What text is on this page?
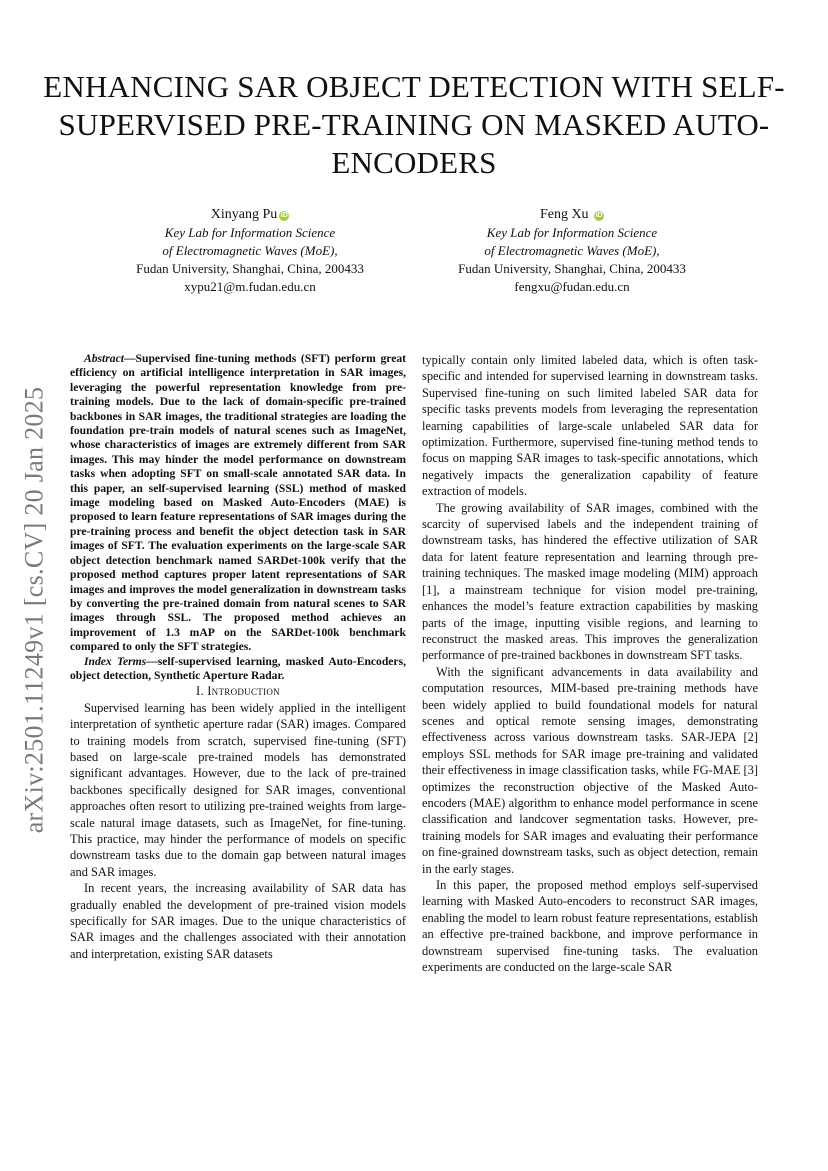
arXiv:2501.11249v1 [cs.CV] 20 Jan 2025
ENHANCING SAR OBJECT DETECTION WITH SELF-SUPERVISED PRE-TRAINING ON MASKED AUTO-ENCODERS
Xinyang Pu iD
Key Lab for Information Science
of Electromagnetic Waves (MoE),
Fudan University, Shanghai, China, 200433
xypu21@m.fudan.edu.cn
Feng Xu iD
Key Lab for Information Science
of Electromagnetic Waves (MoE),
Fudan University, Shanghai, China, 200433
fengxu@fudan.edu.cn

Abstract—Supervised fine-tuning methods (SFT) perform great efficiency on artificial intelligence interpretation in SAR images, leveraging the powerful representation knowledge from pre-training models. Due to the lack of domain-specific pre-trained backbones in SAR images, the traditional strategies are loading the foundation pre-train models of natural scenes such as ImageNet, whose characteristics of images are extremely different from SAR images. This may hinder the model performance on downstream tasks when adopting SFT on small-scale annotated SAR data. In this paper, an self-supervised learning (SSL) method of masked image modeling based on Masked Auto-Encoders (MAE) is proposed to learn feature representations of SAR images during the pre-training process and benefit the object detection task in SAR images of SFT. The evaluation experiments on the large-scale SAR object detection benchmark named SARDet-100k verify that the proposed method captures proper latent representations of SAR images and improves the model generalization in downstream tasks by converting the pre-trained domain from natural scenes to SAR images through SSL. The proposed method achieves an improvement of 1.3 mAP on the SARDet-100k benchmark compared to only the SFT strategies.

Index Terms—self-supervised learning, masked Auto-Encoders, object detection, Synthetic Aperture Radar.

I. Introduction

Supervised learning has been widely applied in the intelligent interpretation of synthetic aperture radar (SAR) images. Compared to training models from scratch, supervised fine-tuning (SFT) based on large-scale pre-trained models has demonstrated significant advantages. However, due to the lack of pre-trained backbones specifically designed for SAR images, conventional approaches often resort to utilizing pre-trained weights from large-scale natural image datasets, such as ImageNet, for fine-tuning. This practice, may hinder the performance of models on specific downstream tasks due to the domain gap between natural images and SAR images.

In recent years, the increasing availability of SAR data has gradually enabled the development of pre-trained vision models specifically for SAR images. Due to the unique characteristics of SAR images and the challenges associated with their annotation and interpretation, existing SAR datasets

typically contain only limited labeled data, which is often task-specific and intended for supervised learning in downstream tasks. Supervised fine-tuning on such limited labeled SAR data for specific tasks prevents models from leveraging the representation learning capabilities of large-scale unlabeled SAR data for optimization. Furthermore, supervised fine-tuning method tends to focus on mapping SAR images to task-specific annotations, which negatively impacts the generalization capability of feature extraction of models.

The growing availability of SAR images, combined with the scarcity of supervised labels and the independent training of downstream tasks, has hindered the effective utilization of SAR data for latent feature representation and learning through pre-training techniques. The masked image modeling (MIM) approach [1], a mainstream technique for vision model pre-training, enhances the model’s feature extraction capabilities by masking parts of the image, inputting visible regions, and learning to reconstruct the masked areas. This improves the generalization performance of pre-trained backbones in downstream SFT tasks.

With the significant advancements in data availability and computation resources, MIM-based pre-training methods have been widely applied to build foundational models for natural scenes and optical remote sensing images, demonstrating effectiveness across various downstream tasks. SAR-JEPA [2] employs SSL methods for SAR image pre-training and validated their effectiveness in image classification tasks, while FG-MAE [3] optimizes the reconstruction objective of the Masked Auto-encoders (MAE) algorithm to enhance model performance in scene classification and landcover segmentation tasks. However, pre-training models for SAR images and evaluating their performance on fine-grained downstream tasks, such as object detection, remain in the early stages.

In this paper, the proposed method employs self-supervised learning with Masked Auto-encoders to reconstruct SAR images, enabling the model to learn robust feature representations, establish an effective pre-trained backbone, and improve performance in downstream supervised fine-tuning tasks. The evaluation experiments are conducted on the large-scale SAR
